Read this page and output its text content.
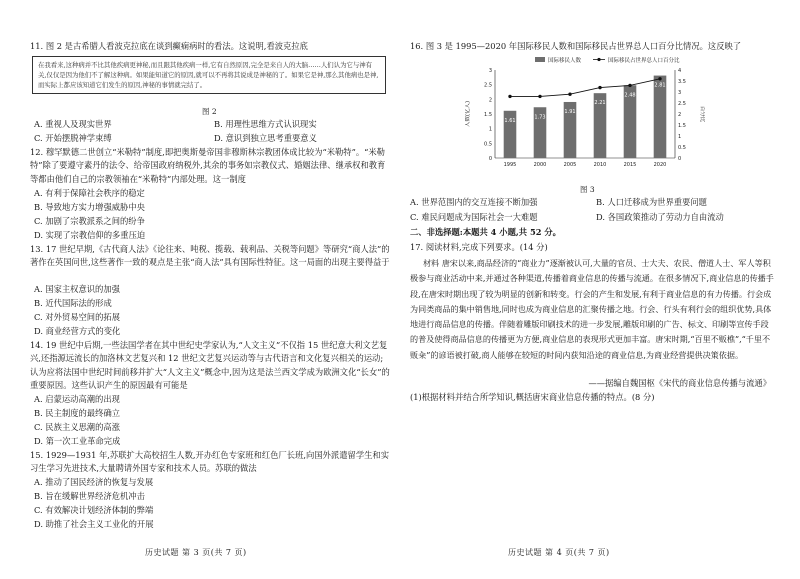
11. 图 2 是古希腊人看波克拉底在谈到癫痫病时的看法。这说明,看波克拉底

在我看来,这种病并不比其他疾病更神秘,而且跟其他疾病一样,它有自然原因,完全是来自人的大脑……人们认为它与神有关,仅仅是因为他们不了解这种病。如果能知道它的原因,就可以不再将其说成是神秘的了。如果它是神,那么其他病也是神,而实际上都应该知道它们发生的原因,神秘的事情就完结了。

图 2
A. 重视人及现实世界	B. 用理性思维方式认识现实
C. 开始摆脱神学束缚	D. 意识到独立思考重要意义
12. 穆罕默德二世创立“米勒特”制度,即把奥斯曼帝国非穆斯林宗教团体成比较为“米勒特”。“米勒特”除了要遵守素丹的法令、给帝国政府纳税外,其余的事务如宗教仪式、婚姻法律、继承权和教育等都由他们自己的宗教领袖在“米勒特”内部处理。这一制度
A. 有利于保障社会秩序的稳定
B. 导致地方实力增强威胁中央
C. 加剧了宗教派系之间的纷争
D. 实现了宗教信仰的多重压迫
13. 17 世纪早期,《古代商人法》《论往来、吨税、揽载、载利品、关税等问题》等研究“商人法”的著作在英国问世,这些著作一致的观点是主张“商人法”具有国际性特征。这一局面的出现主要得益于
A. 国家主权意识的加强
B. 近代国际法的形成
C. 对外贸易空间的拓展
D. 商业经营方式的变化
14. 19 世纪中后期,一些法国学者在其中世纪史学家认为,“人文主义”不仅指 15 世纪意大利文艺复兴,还指源远流长的加洛林文艺复兴和 12 世纪文艺复兴运动等与古代语言和文化复兴相关的运动;认为应将法国中世纪时间前移并扩大“人文主义”概念中,因为这是法兰西文学成为欧洲文化“长女”的重要原因。这些认识产生的原因最有可能是
A. 启蒙运动高潮的出现
B. 民主制度的最终确立
C. 民族主义思潮的高涨
D. 第一次工业革命完成
15. 1929—1931 年,苏联扩大高校招生人数,开办红色专家班和红色厂长班,向国外派遣留学生和实习生学习先进技术,大量聘请外国专家和技术人员。苏联的做法
A. 推动了国民经济的恢复与发展
B. 旨在缓解世界经济危机冲击
C. 有效解决计划经济体制的弊端
D. 助推了社会主义工业化的开展
历史试题 第 3 页(共 7 页)
16. 图 3 是 1995—2020 年国际移民人数和国际移民占世界总人口百分比情况。这反映了
国际移民人数	国际移民占世界总人口百分比
人数(亿人)	百分比
0
0.5
1
1.5
2
2.5
3
0
0.5
1
1.5
2
2.5
3
3.5
4
1995	2000	2005	2010	2015	2020
1.61
1.73
1.91
2.21
2.48
2.81
图 3
A. 世界范围内的交互连接不断加强	B. 人口迁移成为世界重要问题
C. 难民问题成为国际社会一大难题	D. 各国政策推动了劳动力自由流动
二、非选择题:本题共 4 小题,共 52 分。
17. 阅读材料,完成下列要求。(14 分)
材料 唐宋以来,商品经济的“商业力”逐渐被认可,大量的官员、士大夫、农民、僧道人士、军人等积极参与商业活动中来,并通过各种渠道,传播着商业信息的传播与流通。在很多情况下,商业信息的传播手段,在唐宋时期出现了较为明显的创新和转变。行会的产生和发展,有利于商业信息的有力传播。行会成为同类商品的集中销售地,同时也成为商业信息的汇聚传播之地。行会、行头有利行会的组织优势,具体地进行商品信息的传播。伴随着雕版印刷技术的进一步发展,雕版印刷的广告、标文、印刷等宣传手段的普及使得商品信息的传播更为方便,商业信息的表现形式更加丰富。唐宋时期,“百里不贩樵”,“千里不贩籴”的谚语被打破,商人能够在较短的时间内获知沿途的商业信息,为商业经营提供决策依据。
——据编自魏国枢《宋代的商业信息传播与流通》
(1)根据材料并结合所学知识,概括唐宋商业信息传播的特点。(8 分)
历史试题 第 4 页(共 7 页)
